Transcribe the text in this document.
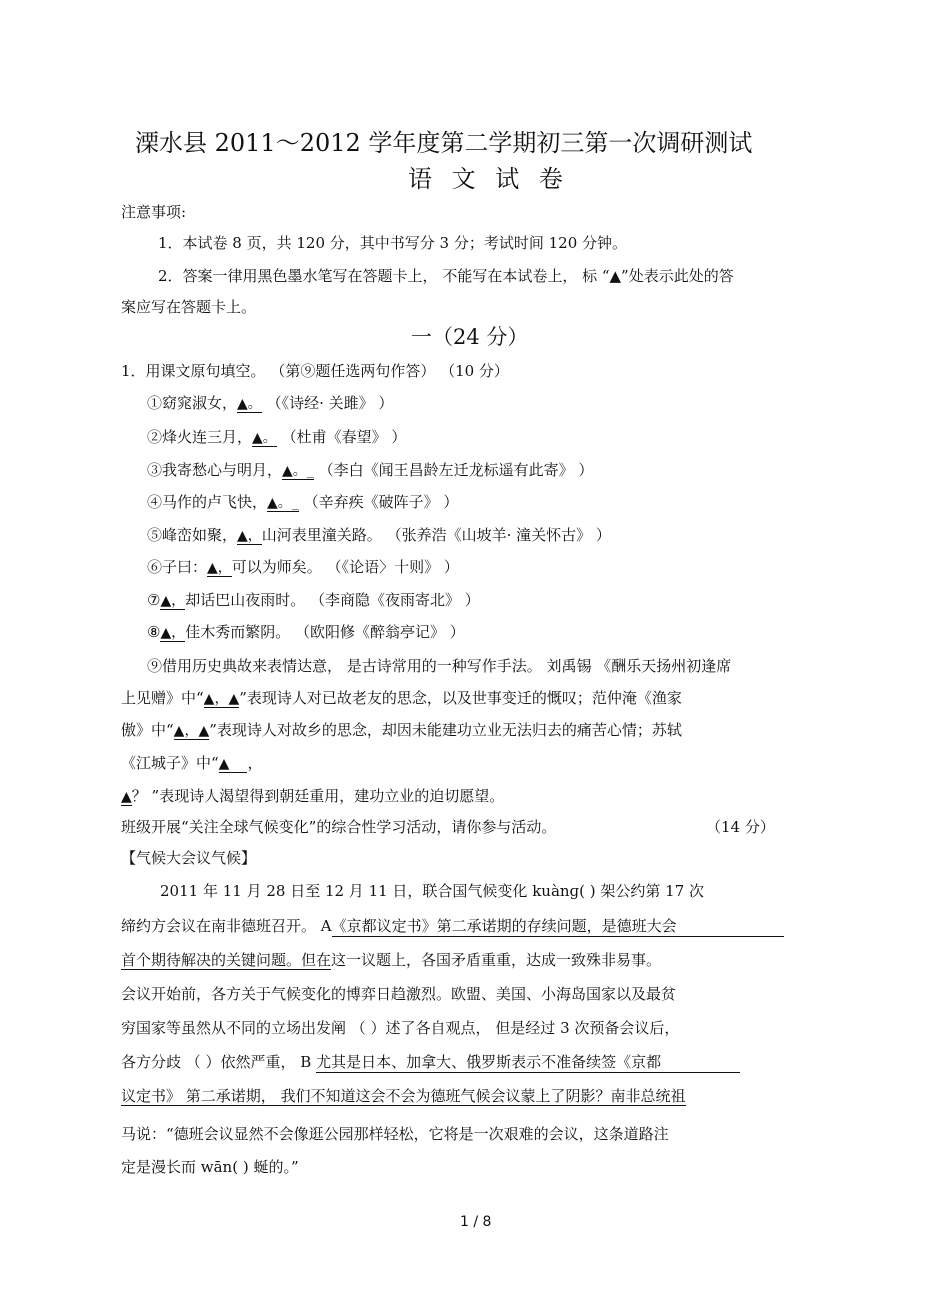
溧水县 2011～2012 学年度第二学期初三第一次调研测试
语 文 试 卷
注意事项:
1．本试卷 8 页，共 120 分，其中书写分 3 分；考试时间 120 分钟。
2．答案一律用黑色墨水笔写在答题卡上， 不能写在本试卷上， 标 “▲”处表示此处的答
案应写在答题卡上。
一（24 分）
1．用课文原句填空。 （第⑨题任选两句作答） （10 分）
①窈窕淑女，▲。 （《诗经· 关雎》 ）
②烽火连三月，▲。 （杜甫《春望》 ）
③我寄愁心与明月，▲。_ （李白《闻王昌龄左迁龙标遥有此寄》 ）
④马作的卢飞快，▲。_ （辛弃疾《破阵子》 ）
⑤峰峦如聚，▲，山河表里潼关路。 （张养浩《山坡羊· 潼关怀古》 ）
⑥子曰：▲，可以为师矣。 （《论语〉十则》 ）
⑦▲，却话巴山夜雨时。 （李商隐《夜雨寄北》 ）
⑧▲，佳木秀而繁阴。 （欧阳修《醉翁亭记》 ）
⑨借用历史典故来表情达意， 是古诗常用的一种写作手法。 刘禹锡 《酬乐天扬州初逢席
上见赠》中“▲，▲”表现诗人对已故老友的思念，以及世事变迁的慨叹；范仲淹《渔家
傲》中“▲，▲”表现诗人对故乡的思念，却因未能建功立业无法归去的痛苦心情；苏轼
《江城子》中“▲ ，
▲？ ”表现诗人渴望得到朝廷重用，建功立业的迫切愿望。
班级开展“关注全球气候变化”的综合性学习活动，请你参与活动。	（14 分）
【气候大会议气候】
2011 年 11 月 28 日至 12 月 11 日，联合国气候变化 kuànɡ( ) 架公约第 17 次
缔约方会议在南非德班召开。 A《京都议定书》第二承诺期的存续问题，是德班大会
首个期待解决的关键问题。但在这一议题上，各国矛盾重重，达成一致殊非易事。
会议开始前，各方关于气候变化的博弈日趋激烈。欧盟、美国、小海岛国家以及最贫
穷国家等虽然从不同的立场出发阐 （ ）述了各自观点， 但是经过 3 次预备会议后，
各方分歧 （ ）依然严重， B 尤其是日本、加拿大、俄罗斯表示不准备续签《京都
议定书》 第二承诺期， 我们不知道这会不会为德班气候会议蒙上了阴影？南非总统祖
马说：“德班会议显然不会像逛公园那样轻松，它将是一次艰难的会议，这条道路注
定是漫长而 wān( ) 蜒的。”
1 / 8
